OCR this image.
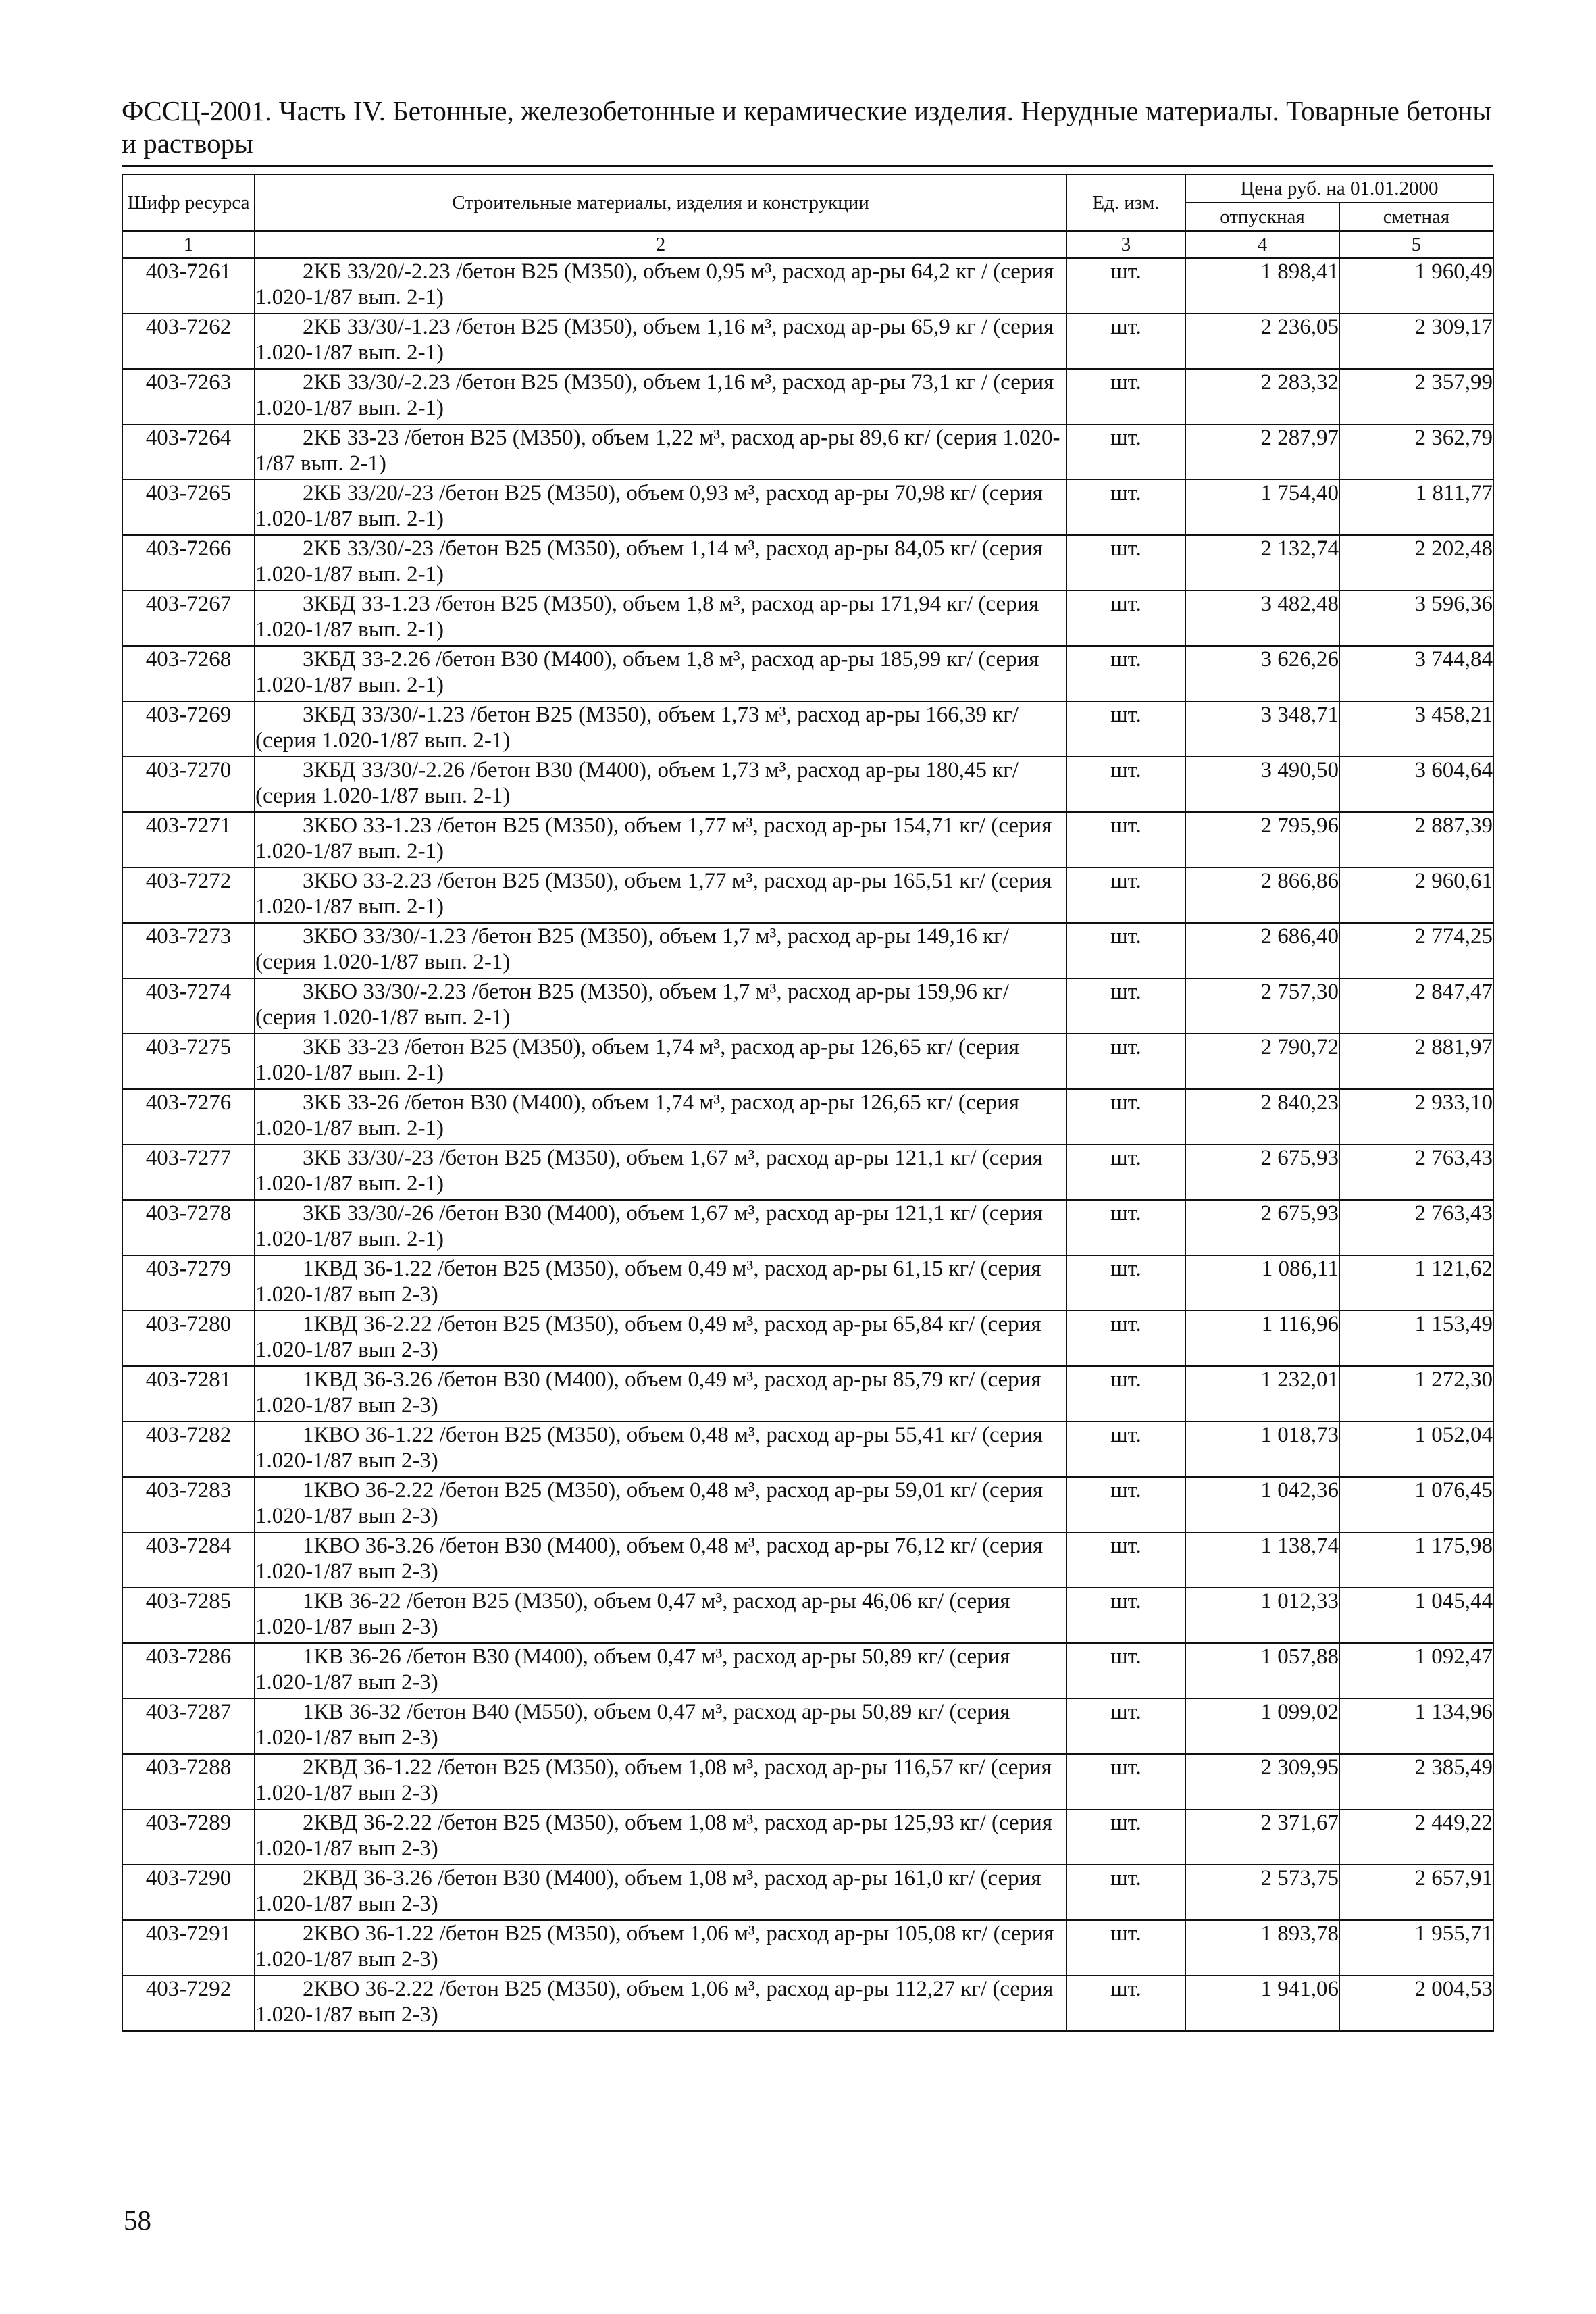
ФССЦ-2001. Часть IV. Бетонные, железобетонные и керамические изделия. Нерудные материалы. Товарные бетоны и растворы
Шифр ресурса	Строительные материалы, изделия и конструкции	Ед. изм.	Цена руб. на 01.01.2000	
			отпускная	сметная
1	2	3	4	5
403-7261	2КБ 33/20/-2.23 /бетон В25 (М350), объем 0,95 м³, расход ар-ры 64,2 кг / (серия 1.020-1/87 вып. 2-1)	шт.	1 898,41	1 960,49
403-7262	2КБ 33/30/-1.23 /бетон В25 (М350), объем 1,16 м³, расход ар-ры 65,9 кг / (серия 1.020-1/87 вып. 2-1)	шт.	2 236,05	2 309,17
403-7263	2КБ 33/30/-2.23 /бетон В25 (М350), объем 1,16 м³, расход ар-ры 73,1 кг / (серия 1.020-1/87 вып. 2-1)	шт.	2 283,32	2 357,99
403-7264	2КБ 33-23 /бетон В25 (М350), объем 1,22 м³, расход ар-ры 89,6 кг/ (серия 1.020-1/87 вып. 2-1)	шт.	2 287,97	2 362,79
403-7265	2КБ 33/20/-23 /бетон В25 (М350), объем 0,93 м³, расход ар-ры 70,98 кг/ (серия 1.020-1/87 вып. 2-1)	шт.	1 754,40	1 811,77
403-7266	2КБ 33/30/-23 /бетон В25 (М350), объем 1,14 м³, расход ар-ры 84,05 кг/ (серия 1.020-1/87 вып. 2-1)	шт.	2 132,74	2 202,48
403-7267	3КБД 33-1.23 /бетон В25 (М350), объем 1,8 м³, расход ар-ры 171,94 кг/ (серия 1.020-1/87 вып. 2-1)	шт.	3 482,48	3 596,36
403-7268	3КБД 33-2.26 /бетон В30 (М400), объем 1,8 м³, расход ар-ры 185,99 кг/ (серия 1.020-1/87 вып. 2-1)	шт.	3 626,26	3 744,84
403-7269	3КБД 33/30/-1.23 /бетон В25 (М350), объем 1,73 м³, расход ар-ры 166,39 кг/ (серия 1.020-1/87 вып. 2-1)	шт.	3 348,71	3 458,21
403-7270	3КБД 33/30/-2.26 /бетон В30 (М400), объем 1,73 м³, расход ар-ры 180,45 кг/ (серия 1.020-1/87 вып. 2-1)	шт.	3 490,50	3 604,64
403-7271	3КБО 33-1.23 /бетон В25 (М350), объем 1,77 м³, расход ар-ры 154,71 кг/ (серия 1.020-1/87 вып. 2-1)	шт.	2 795,96	2 887,39
403-7272	3КБО 33-2.23 /бетон В25 (М350), объем 1,77 м³, расход ар-ры 165,51 кг/ (серия 1.020-1/87 вып. 2-1)	шт.	2 866,86	2 960,61
403-7273	3КБО 33/30/-1.23 /бетон В25 (М350), объем 1,7 м³, расход ар-ры 149,16 кг/ (серия 1.020-1/87 вып. 2-1)	шт.	2 686,40	2 774,25
403-7274	3КБО 33/30/-2.23 /бетон В25 (М350), объем 1,7 м³, расход ар-ры 159,96 кг/ (серия 1.020-1/87 вып. 2-1)	шт.	2 757,30	2 847,47
403-7275	3КБ 33-23 /бетон В25 (М350), объем 1,74 м³, расход ар-ры 126,65 кг/ (серия 1.020-1/87 вып. 2-1)	шт.	2 790,72	2 881,97
403-7276	3КБ 33-26 /бетон В30 (М400), объем 1,74 м³, расход ар-ры 126,65 кг/ (серия 1.020-1/87 вып. 2-1)	шт.	2 840,23	2 933,10
403-7277	3КБ 33/30/-23 /бетон В25 (М350), объем 1,67 м³, расход ар-ры 121,1 кг/ (серия 1.020-1/87 вып. 2-1)	шт.	2 675,93	2 763,43
403-7278	3КБ 33/30/-26 /бетон В30 (М400), объем 1,67 м³, расход ар-ры 121,1 кг/ (серия 1.020-1/87 вып. 2-1)	шт.	2 675,93	2 763,43
403-7279	1КВД 36-1.22 /бетон В25 (М350), объем 0,49 м³, расход ар-ры 61,15 кг/ (серия 1.020-1/87 вып 2-3)	шт.	1 086,11	1 121,62
403-7280	1КВД 36-2.22 /бетон В25 (М350), объем 0,49 м³, расход ар-ры 65,84 кг/ (серия 1.020-1/87 вып 2-3)	шт.	1 116,96	1 153,49
403-7281	1КВД 36-3.26 /бетон В30 (М400), объем 0,49 м³, расход ар-ры 85,79 кг/ (серия 1.020-1/87 вып 2-3)	шт.	1 232,01	1 272,30
403-7282	1КВО 36-1.22 /бетон В25 (М350), объем 0,48 м³, расход ар-ры 55,41 кг/ (серия 1.020-1/87 вып 2-3)	шт.	1 018,73	1 052,04
403-7283	1КВО 36-2.22 /бетон В25 (М350), объем 0,48 м³, расход ар-ры 59,01 кг/ (серия 1.020-1/87 вып 2-3)	шт.	1 042,36	1 076,45
403-7284	1КВО 36-3.26 /бетон В30 (М400), объем 0,48 м³, расход ар-ры 76,12 кг/ (серия 1.020-1/87 вып 2-3)	шт.	1 138,74	1 175,98
403-7285	1КВ 36-22 /бетон В25 (М350), объем 0,47 м³, расход ар-ры 46,06 кг/ (серия 1.020-1/87 вып 2-3)	шт.	1 012,33	1 045,44
403-7286	1КВ 36-26 /бетон В30 (М400), объем 0,47 м³, расход ар-ры 50,89 кг/ (серия 1.020-1/87 вып 2-3)	шт.	1 057,88	1 092,47
403-7287	1КВ 36-32 /бетон В40 (М550), объем 0,47 м³, расход ар-ры 50,89 кг/ (серия 1.020-1/87 вып 2-3)	шт.	1 099,02	1 134,96
403-7288	2КВД 36-1.22 /бетон В25 (М350), объем 1,08 м³, расход ар-ры 116,57 кг/ (серия 1.020-1/87 вып 2-3)	шт.	2 309,95	2 385,49
403-7289	2КВД 36-2.22 /бетон В25 (М350), объем 1,08 м³, расход ар-ры 125,93 кг/ (серия 1.020-1/87 вып 2-3)	шт.	2 371,67	2 449,22
403-7290	2КВД 36-3.26 /бетон В30 (М400), объем 1,08 м³, расход ар-ры 161,0 кг/ (серия 1.020-1/87 вып 2-3)	шт.	2 573,75	2 657,91
403-7291	2КВО 36-1.22 /бетон В25 (М350), объем 1,06 м³, расход ар-ры 105,08 кг/ (серия 1.020-1/87 вып 2-3)	шт.	1 893,78	1 955,71
403-7292	2КВО 36-2.22 /бетон В25 (М350), объем 1,06 м³, расход ар-ры 112,27 кг/ (серия 1.020-1/87 вып 2-3)	шт.	1 941,06	2 004,53
58
